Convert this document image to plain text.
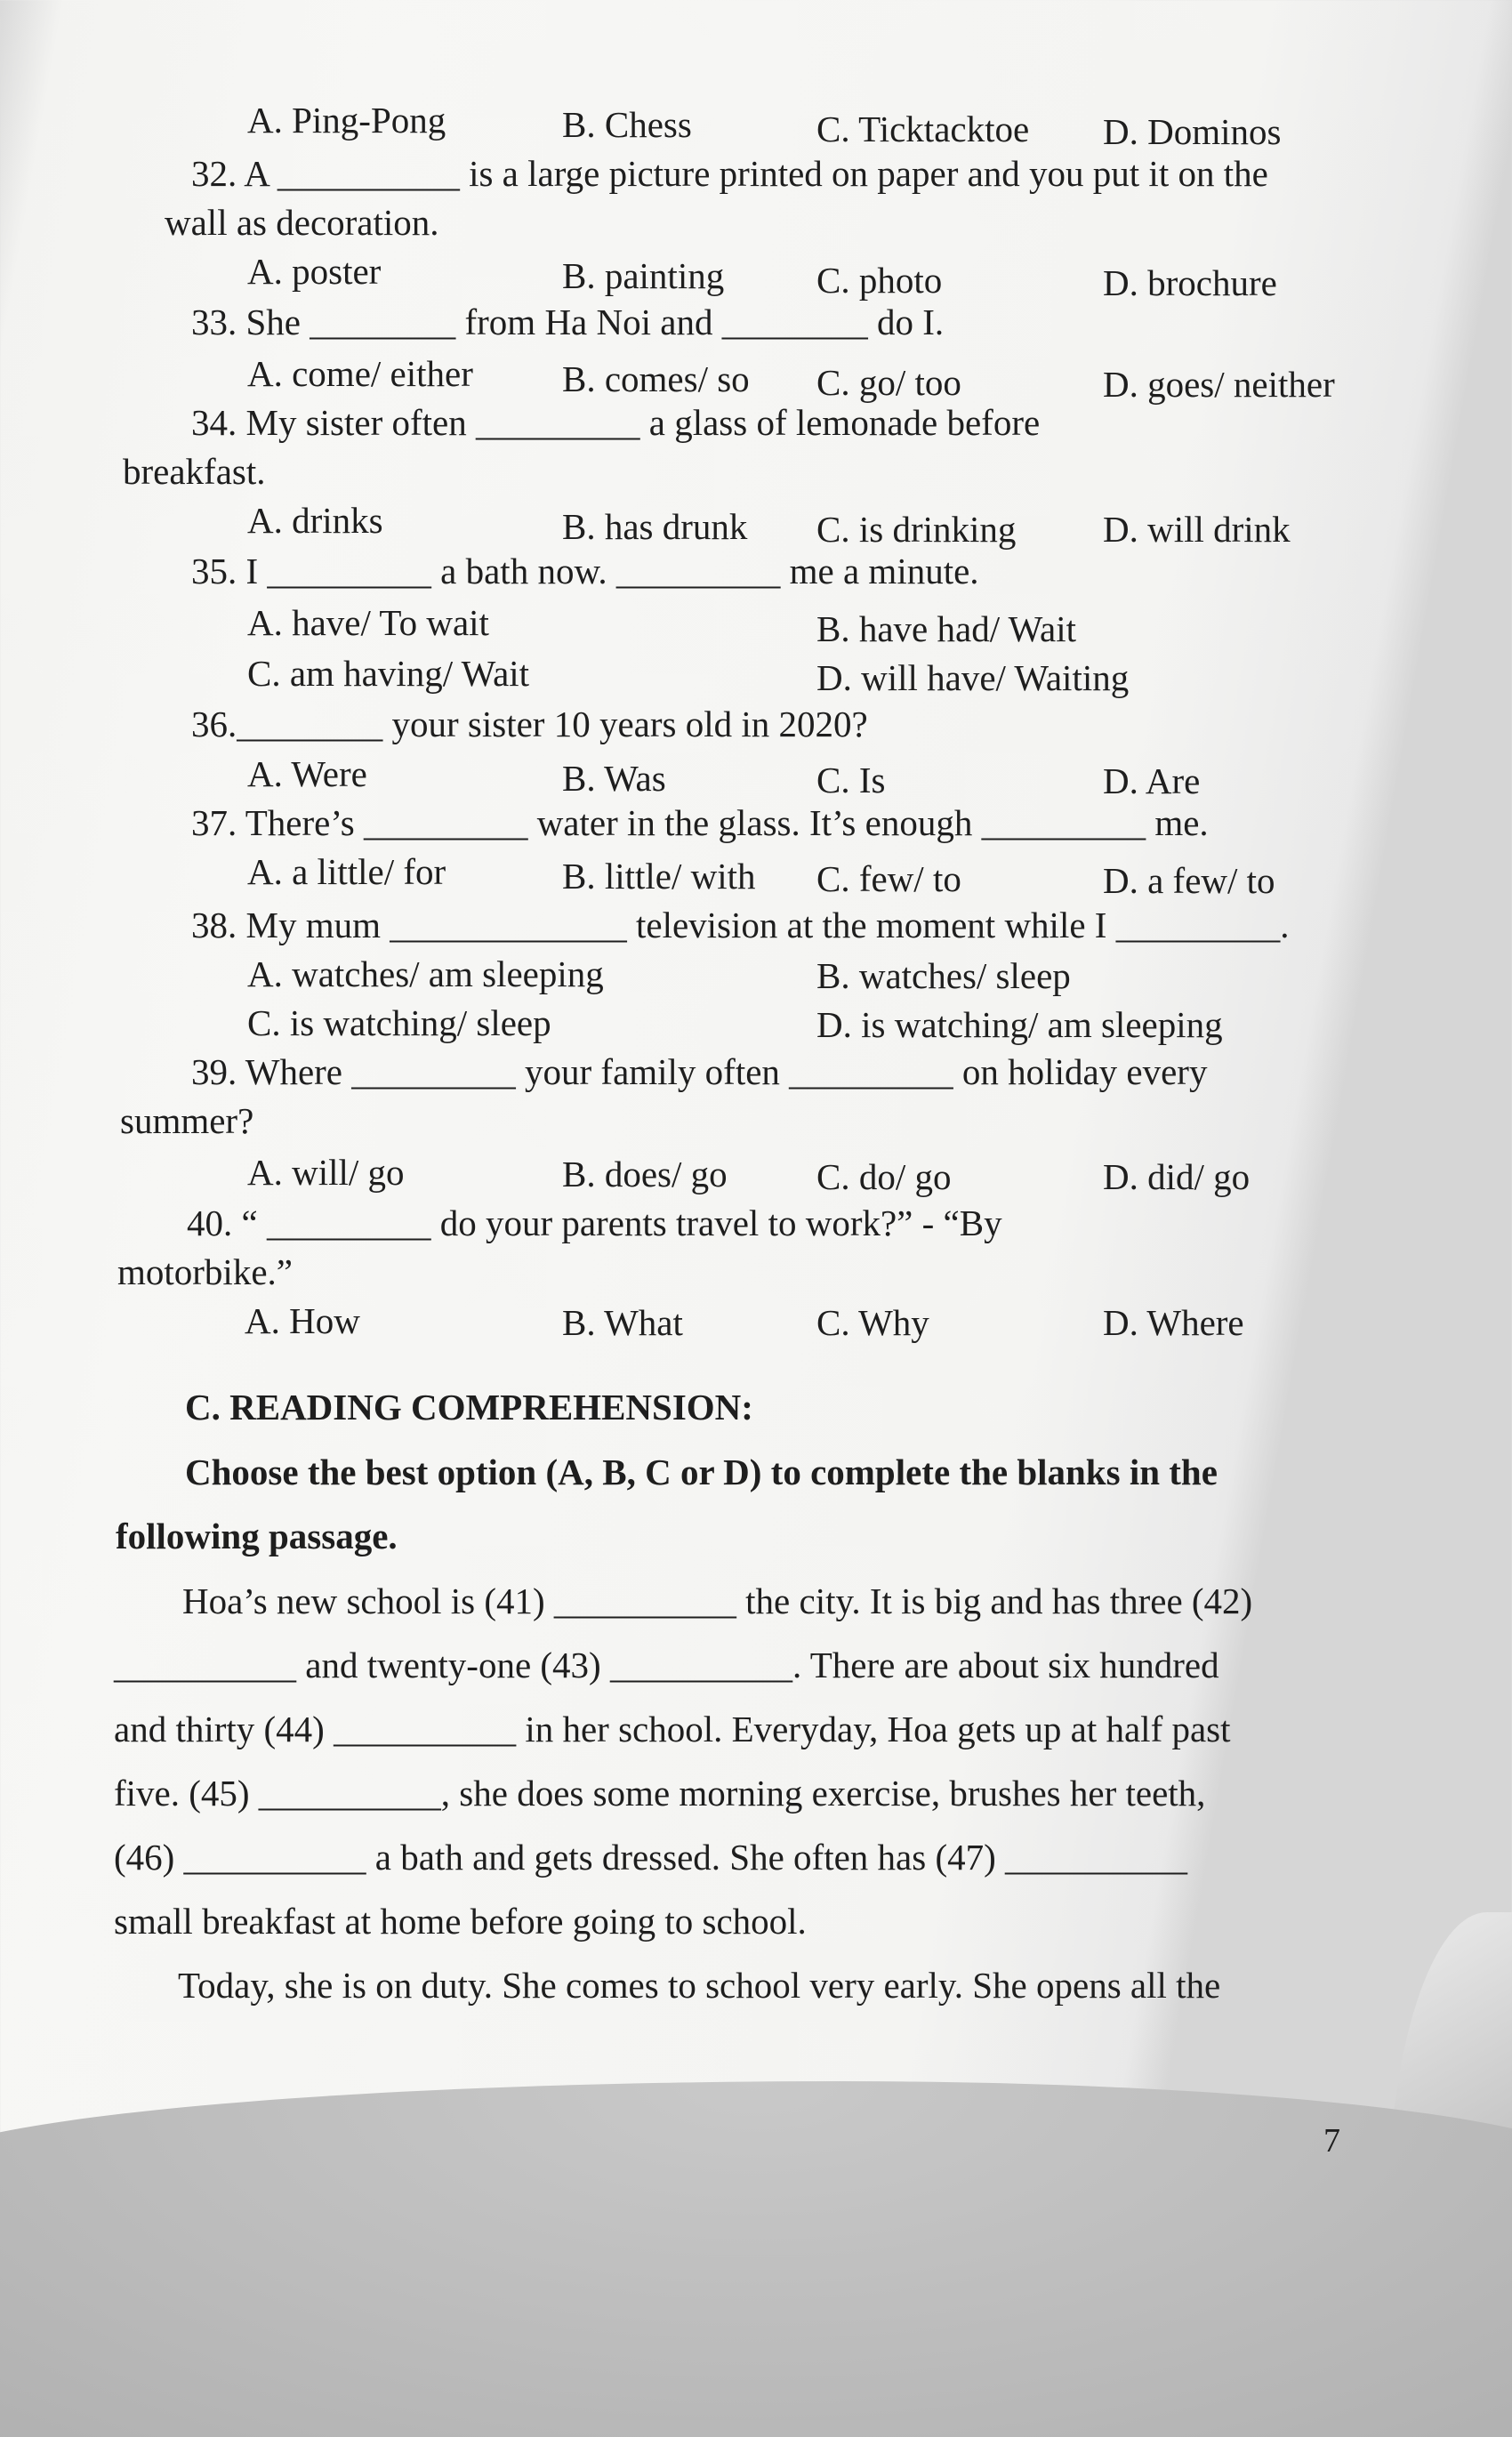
A. Ping-Pong	B. Chess	C. Ticktacktoe D. Dominos
32. A __________ is a large picture printed on paper and you put it on the
wall as decoration.
A. poster	B. painting	C. photo	D. brochure
33. She ________ from Ha Noi and ________ do I.
A. come/ either B. comes/ so C. go/ too	D. goes/ neither
34. My sister often _________ a glass of lemonade before
breakfast.
A. drinks	B. has drunk C. is drinking D. will drink
35. I _________ a bath now. _________ me a minute.
A. have/ To wait	B. have had/ Wait
C. am having/ Wait	D. will have/ Waiting
36.________ your sister 10 years old in 2020?
A. Were	B. Was	C. Is	D. Are
37. There’s _________ water in the glass. It’s enough _________ me.
A. a little/ for	B. little/ with C. few/ to	D. a few/ to
38. My mum _____________ television at the moment while I _________.
A. watches/ am sleeping	B. watches/ sleep
C. is watching/ sleep	D. is watching/ am sleeping
39. Where _________ your family often _________ on holiday every
summer?
A. will/ go	B. does/ go C. do/ go	D. did/ go
40. “ _________ do your parents travel to work?” - “By
motorbike.”
A. How	B. What	C. Why	D. Where
C. READING COMPREHENSION:
Choose the best option (A, B, C or D) to complete the blanks in the
following passage.
Hoa’s new school is (41) __________ the city. It is big and has three (42)
__________ and twenty-one (43) __________. There are about six hundred
and thirty (44) __________ in her school. Everyday, Hoa gets up at half past
five. (45) __________, she does some morning exercise, brushes her teeth,
(46) __________ a bath and gets dressed. She often has (47) __________
small breakfast at home before going to school.
Today, she is on duty. She comes to school very early. She opens all the
7
